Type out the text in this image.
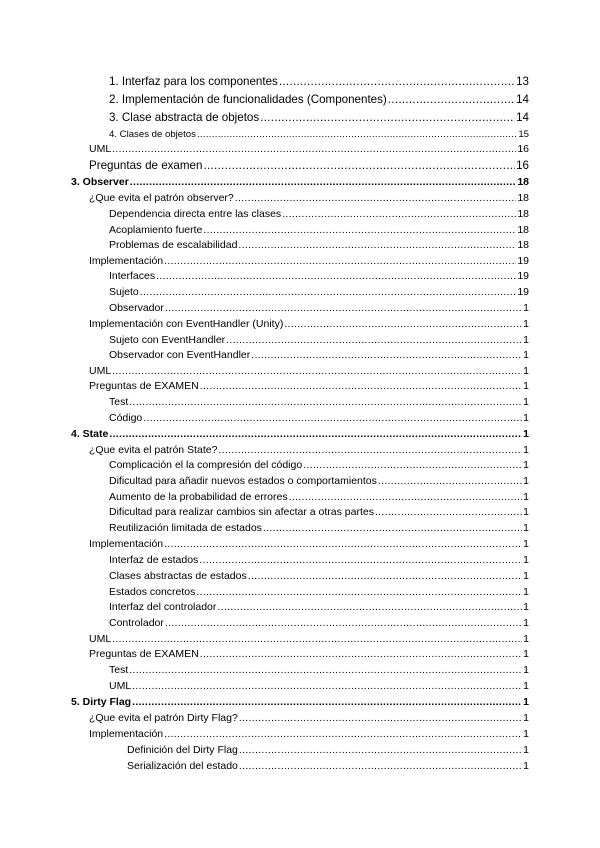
1. Interfaz para los componentes .....	13
2. Implementación de funcionalidades (Componentes) .....	14
3. Clase abstracta de objetos .....	14
4. Clases de objetos .....	15
UML .....	16
Preguntas de examen .....	16
3. Observer .....	18
¿Que evita el patrón observer? .....	18
Dependencia directa entre las clases .....	18
Acoplamiento fuerte .....	18
Problemas de escalabilidad .....	18
Implementación .....	19
Interfaces .....	19
Sujeto .....	19
Observador .....	1
Implementación con EventHandler (Unity) .....	1
Sujeto con EventHandler .....	1
Observador con EventHandler .....	1
UML .....	1
Preguntas de EXAMEN .....	1
Test .....	1
Código .....	1
4. State .....	1
¿Que evita el patrón State? .....	1
Complicación el la compresión del código .....	1
Dificultad para añadir nuevos estados o comportamientos .....	1
Aumento de la probabilidad de errores .....	1
Dificultad para realizar cambios sin afectar a otras partes .....	1
Reutilización limitada de estados .....	1
Implementación .....	1
Interfaz de estados .....	1
Clases abstractas de estados .....	1
Estados concretos .....	1
Interfaz del controlador .....	1
Controlador .....	1
UML .....	1
Preguntas de EXAMEN .....	1
Test .....	1
UML .....	1
5. Dirty Flag .....	1
¿Que evita el patrón Dirty Flag? .....	1
Implementación .....	1
Definición del Dirty Flag .....	1
Serialización del estado .....	1
